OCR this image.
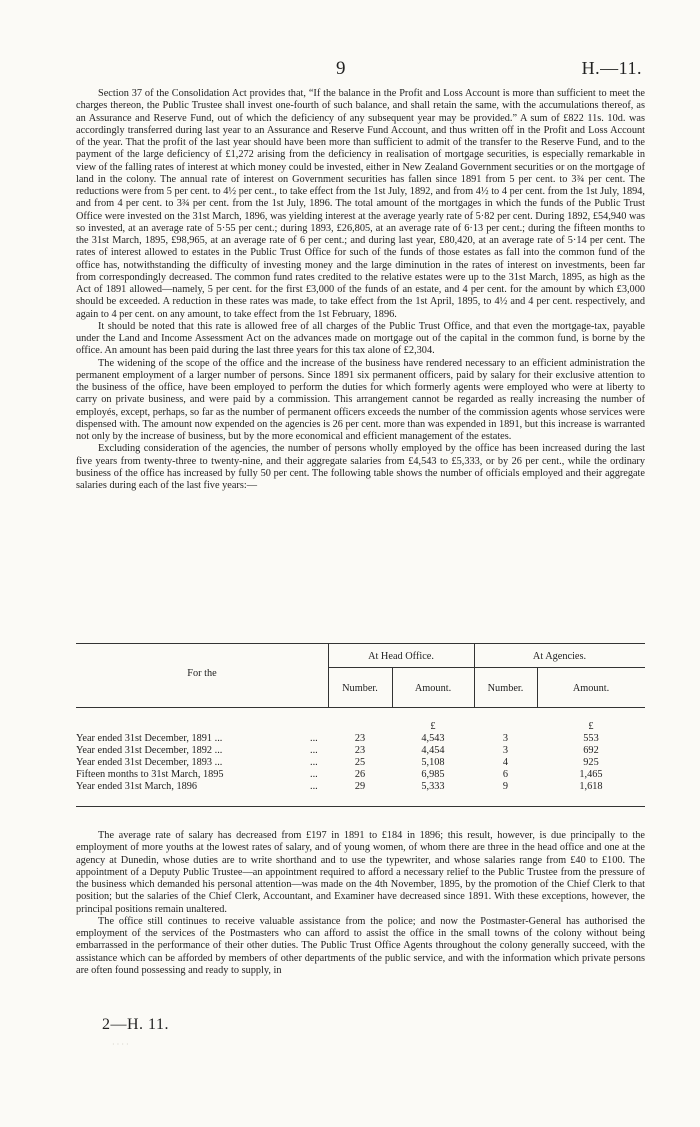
9	H.—11.

Section 37 of the Consolidation Act provides that, “If the balance in the Profit and Loss Account is more than sufficient to meet the charges thereon, the Public Trustee shall invest one-fourth of such balance, and shall retain the same, with the accumulations thereof, as an Assurance and Reserve Fund, out of which the deficiency of any subsequent year may be provided.” A sum of £822 11s. 10d. was accordingly transferred during last year to an Assurance and Reserve Fund Account, and thus written off in the Profit and Loss Account of the year. That the profit of the last year should have been more than sufficient to admit of the transfer to the Reserve Fund, and to the payment of the large deficiency of £1,272 arising from the deficiency in realisation of mortgage securities, is especially remarkable in view of the falling rates of interest at which money could be invested, either in New Zealand Government securities or on the mortgage of land in the colony. The annual rate of interest on Government securities has fallen since 1891 from 5 per cent. to 3¾ per cent. The reductions were from 5 per cent. to 4½ per cent., to take effect from the 1st July, 1892, and from 4½ to 4 per cent. from the 1st July, 1894, and from 4 per cent. to 3¾ per cent. from the 1st July, 1896. The total amount of the mortgages in which the funds of the Public Trust Office were invested on the 31st March, 1896, was yielding interest at the average yearly rate of 5·82 per cent. During 1892, £54,940 was so invested, at an average rate of 5·55 per cent.; during 1893, £26,805, at an average rate of 6·13 per cent.; during the fifteen months to the 31st March, 1895, £98,965, at an average rate of 6 per cent.; and during last year, £80,420, at an average rate of 5·14 per cent. The rates of interest allowed to estates in the Public Trust Office for such of the funds of those estates as fall into the common fund of the office has, notwithstanding the difficulty of investing money and the large diminution in the rates of interest on investments, been far from correspondingly decreased. The common fund rates credited to the relative estates were up to the 31st March, 1895, as high as the Act of 1891 allowed—namely, 5 per cent. for the first £3,000 of the funds of an estate, and 4 per cent. for the amount by which £3,000 should be exceeded. A reduction in these rates was made, to take effect from the 1st April, 1895, to 4½ and 4 per cent. respectively, and again to 4 per cent. on any amount, to take effect from the 1st February, 1896.

It should be noted that this rate is allowed free of all charges of the Public Trust Office, and that even the mortgage-tax, payable under the Land and Income Assessment Act on the advances made on mortgage out of the capital in the common fund, is borne by the office. An amount has been paid during the last three years for this tax alone of £2,304.

The widening of the scope of the office and the increase of the business have rendered necessary to an efficient administration the permanent employment of a larger number of persons. Since 1891 six permanent officers, paid by salary for their exclusive attention to the business of the office, have been employed to perform the duties for which formerly agents were employed who were at liberty to carry on private business, and were paid by a commission. This arrangement cannot be regarded as really increasing the number of employés, except, perhaps, so far as the number of permanent officers exceeds the number of the commission agents whose services were dispensed with. The amount now expended on the agencies is 26 per cent. more than was expended in 1891, but this increase is warranted not only by the increase of business, but by the more economical and efficient management of the estates.

Excluding consideration of the agencies, the number of persons wholly employed by the office has been increased during the last five years from twenty-three to twenty-nine, and their aggregate salaries from £4,543 to £5,333, or by 26 per cent., while the ordinary business of the office has increased by fully 50 per cent. The following table shows the number of officials employed and their aggregate salaries during each of the last five years:—

For the
At Head Office.	At Agencies.
Number.	Amount.	Number.	Amount.
£	£
Year ended 31st December, 1891 ...	...	23	4,543	3	553
Year ended 31st December, 1892 ...	...	23	4,454	3	692
Year ended 31st December, 1893 ...	...	25	5,108	4	925
Fifteen months to 31st March, 1895	...	26	6,985	6	1,465
Year ended 31st March, 1896	...	29	5,333	9	1,618

The average rate of salary has decreased from £197 in 1891 to £184 in 1896; this result, however, is due principally to the employment of more youths at the lowest rates of salary, and of young women, of whom there are three in the head office and one at the agency at Dunedin, whose duties are to write shorthand and to use the typewriter, and whose salaries range from £40 to £100. The appointment of a Deputy Public Trustee—an appointment required to afford a necessary relief to the Public Trustee from the pressure of the business which demanded his personal attention—was made on the 4th November, 1895, by the promotion of the Chief Clerk to that position; but the salaries of the Chief Clerk, Accountant, and Examiner have decreased since 1891. With these exceptions, however, the principal positions remain unaltered.

The office still continues to receive valuable assistance from the police; and now the Postmaster-General has authorised the employment of the services of the Postmasters who can afford to assist the office in the small towns of the colony without being embarrassed in the performance of their other duties. The Public Trust Office Agents throughout the colony generally succeed, with the assistance which can be afforded by members of other departments of the public service, and with the information which private persons are often found possessing and ready to supply, in

2—H. 11.
· · · ·
